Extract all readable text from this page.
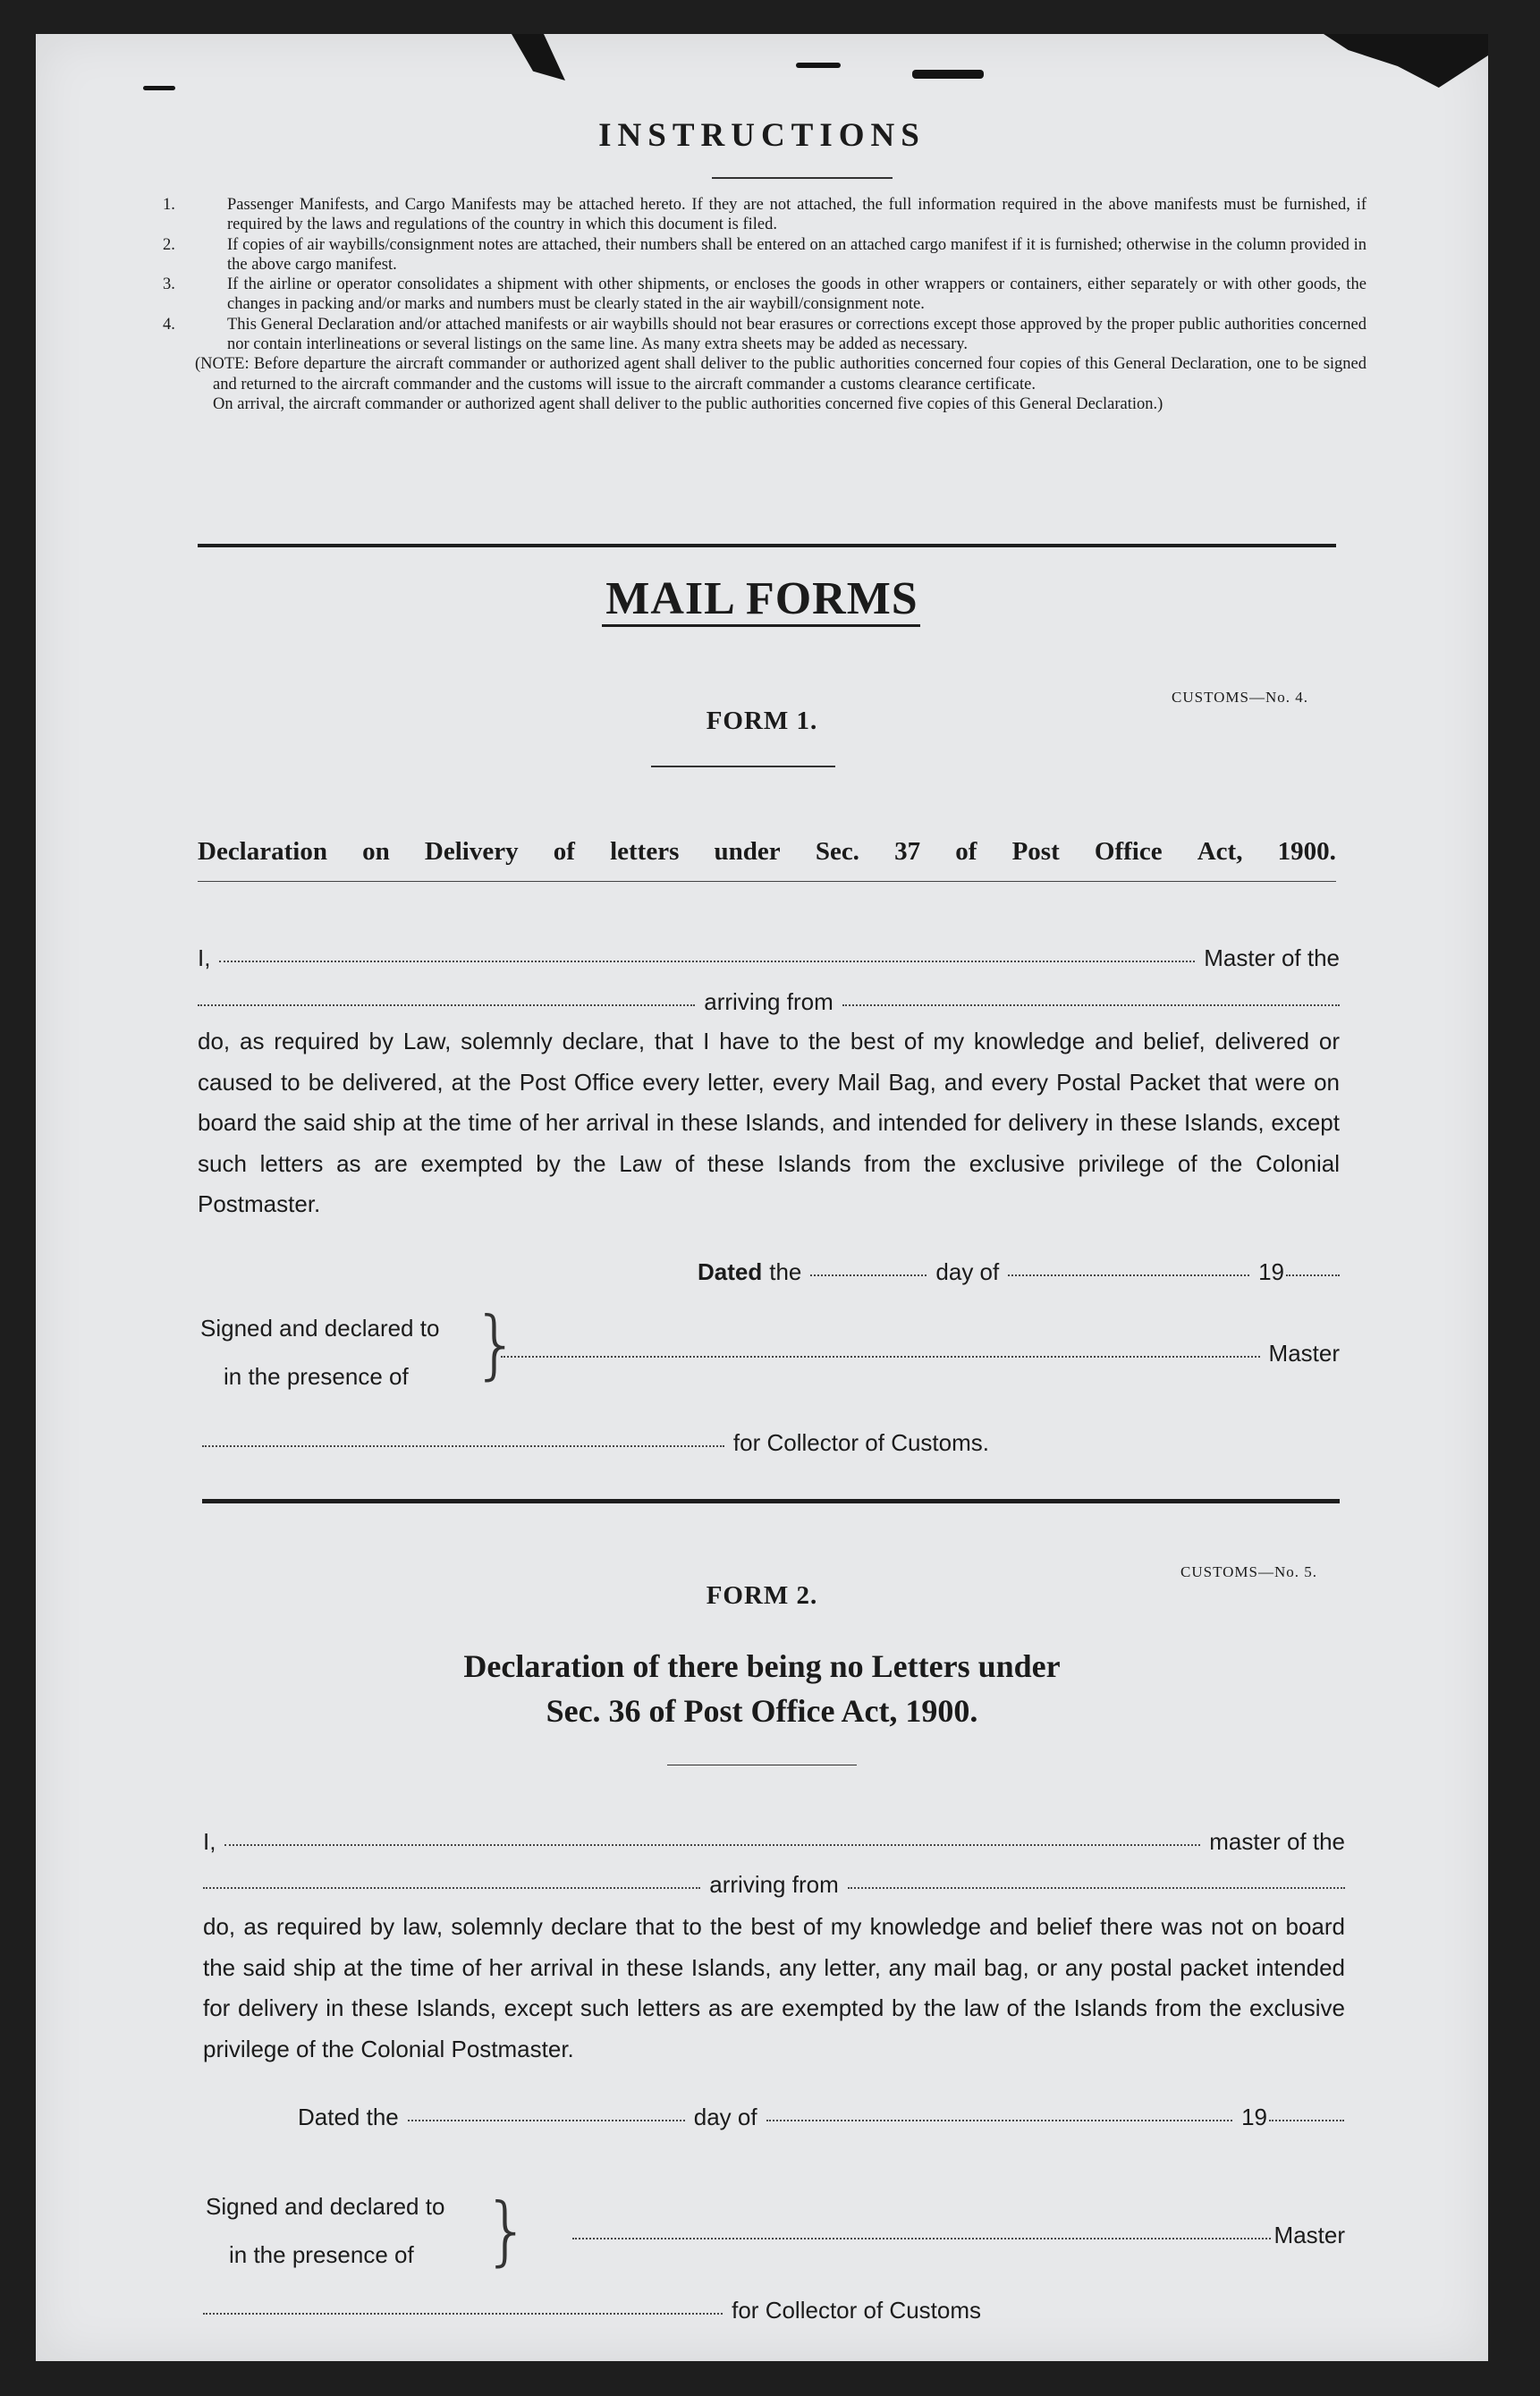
INSTRUCTIONS

1.	Passenger Manifests, and Cargo Manifests may be attached hereto. If they are not attached, the full information required in the above manifests must be furnished, if required by the laws and regulations of the country in which this document is filed.

2.	If copies of air waybills/consignment notes are attached, their numbers shall be entered on an attached cargo manifest if it is furnished; otherwise in the column provided in the above cargo manifest.

3.	If the airline or operator consolidates a shipment with other shipments, or encloses the goods in other wrappers or containers, either separately or with other goods, the changes in packing and/or marks and numbers must be clearly stated in the air waybill/consignment note.

4.	This General Declaration and/or attached manifests or air waybills should not bear erasures or corrections except those approved by the proper public authorities concerned nor contain interlineations or several listings on the same line. As many extra sheets may be added as necessary.

(NOTE: Before departure the aircraft commander or authorized agent shall deliver to the public authorities concerned four copies of this General Declaration, one to be signed and returned to the aircraft commander and the customs will issue to the aircraft commander a customs clearance certificate.

On arrival, the aircraft commander or authorized agent shall deliver to the public authorities concerned five copies of this General Declaration.)

MAIL FORMS
CUSTOMS—No. 4.
FORM 1.
Declaration on Delivery of letters under Sec. 37 of Post Office Act, 1900.
I,	Master of the
arriving from
do, as required by Law, solemnly declare, that I have to the best of my knowledge and belief, delivered or caused to be delivered, at the Post Office every letter, every Mail Bag, and every Postal Packet that were on board the said ship at the time of her arrival in these Islands, and intended for delivery in these Islands, except such letters as are exempted by the Law of these Islands from the exclusive privilege of the Colonial Postmaster.
Dated the	day of	19
Signed and declared to
in the presence of }	Master
for Collector of Customs.
CUSTOMS—No. 5.
FORM 2.
Declaration of there being no Letters under
Sec. 36 of Post Office Act, 1900.
I,	master of the
arriving from
do, as required by law, solemnly declare that to the best of my knowledge and belief there was not on board the said ship at the time of her arrival in these Islands, any letter, any mail bag, or any postal packet intended for delivery in these Islands, except such letters as are exempted by the law of the Islands from the exclusive privilege of the Colonial Postmaster.
Dated the	day of	19
Signed and declared to
in the presence of }	Master
for Collector of Customs
